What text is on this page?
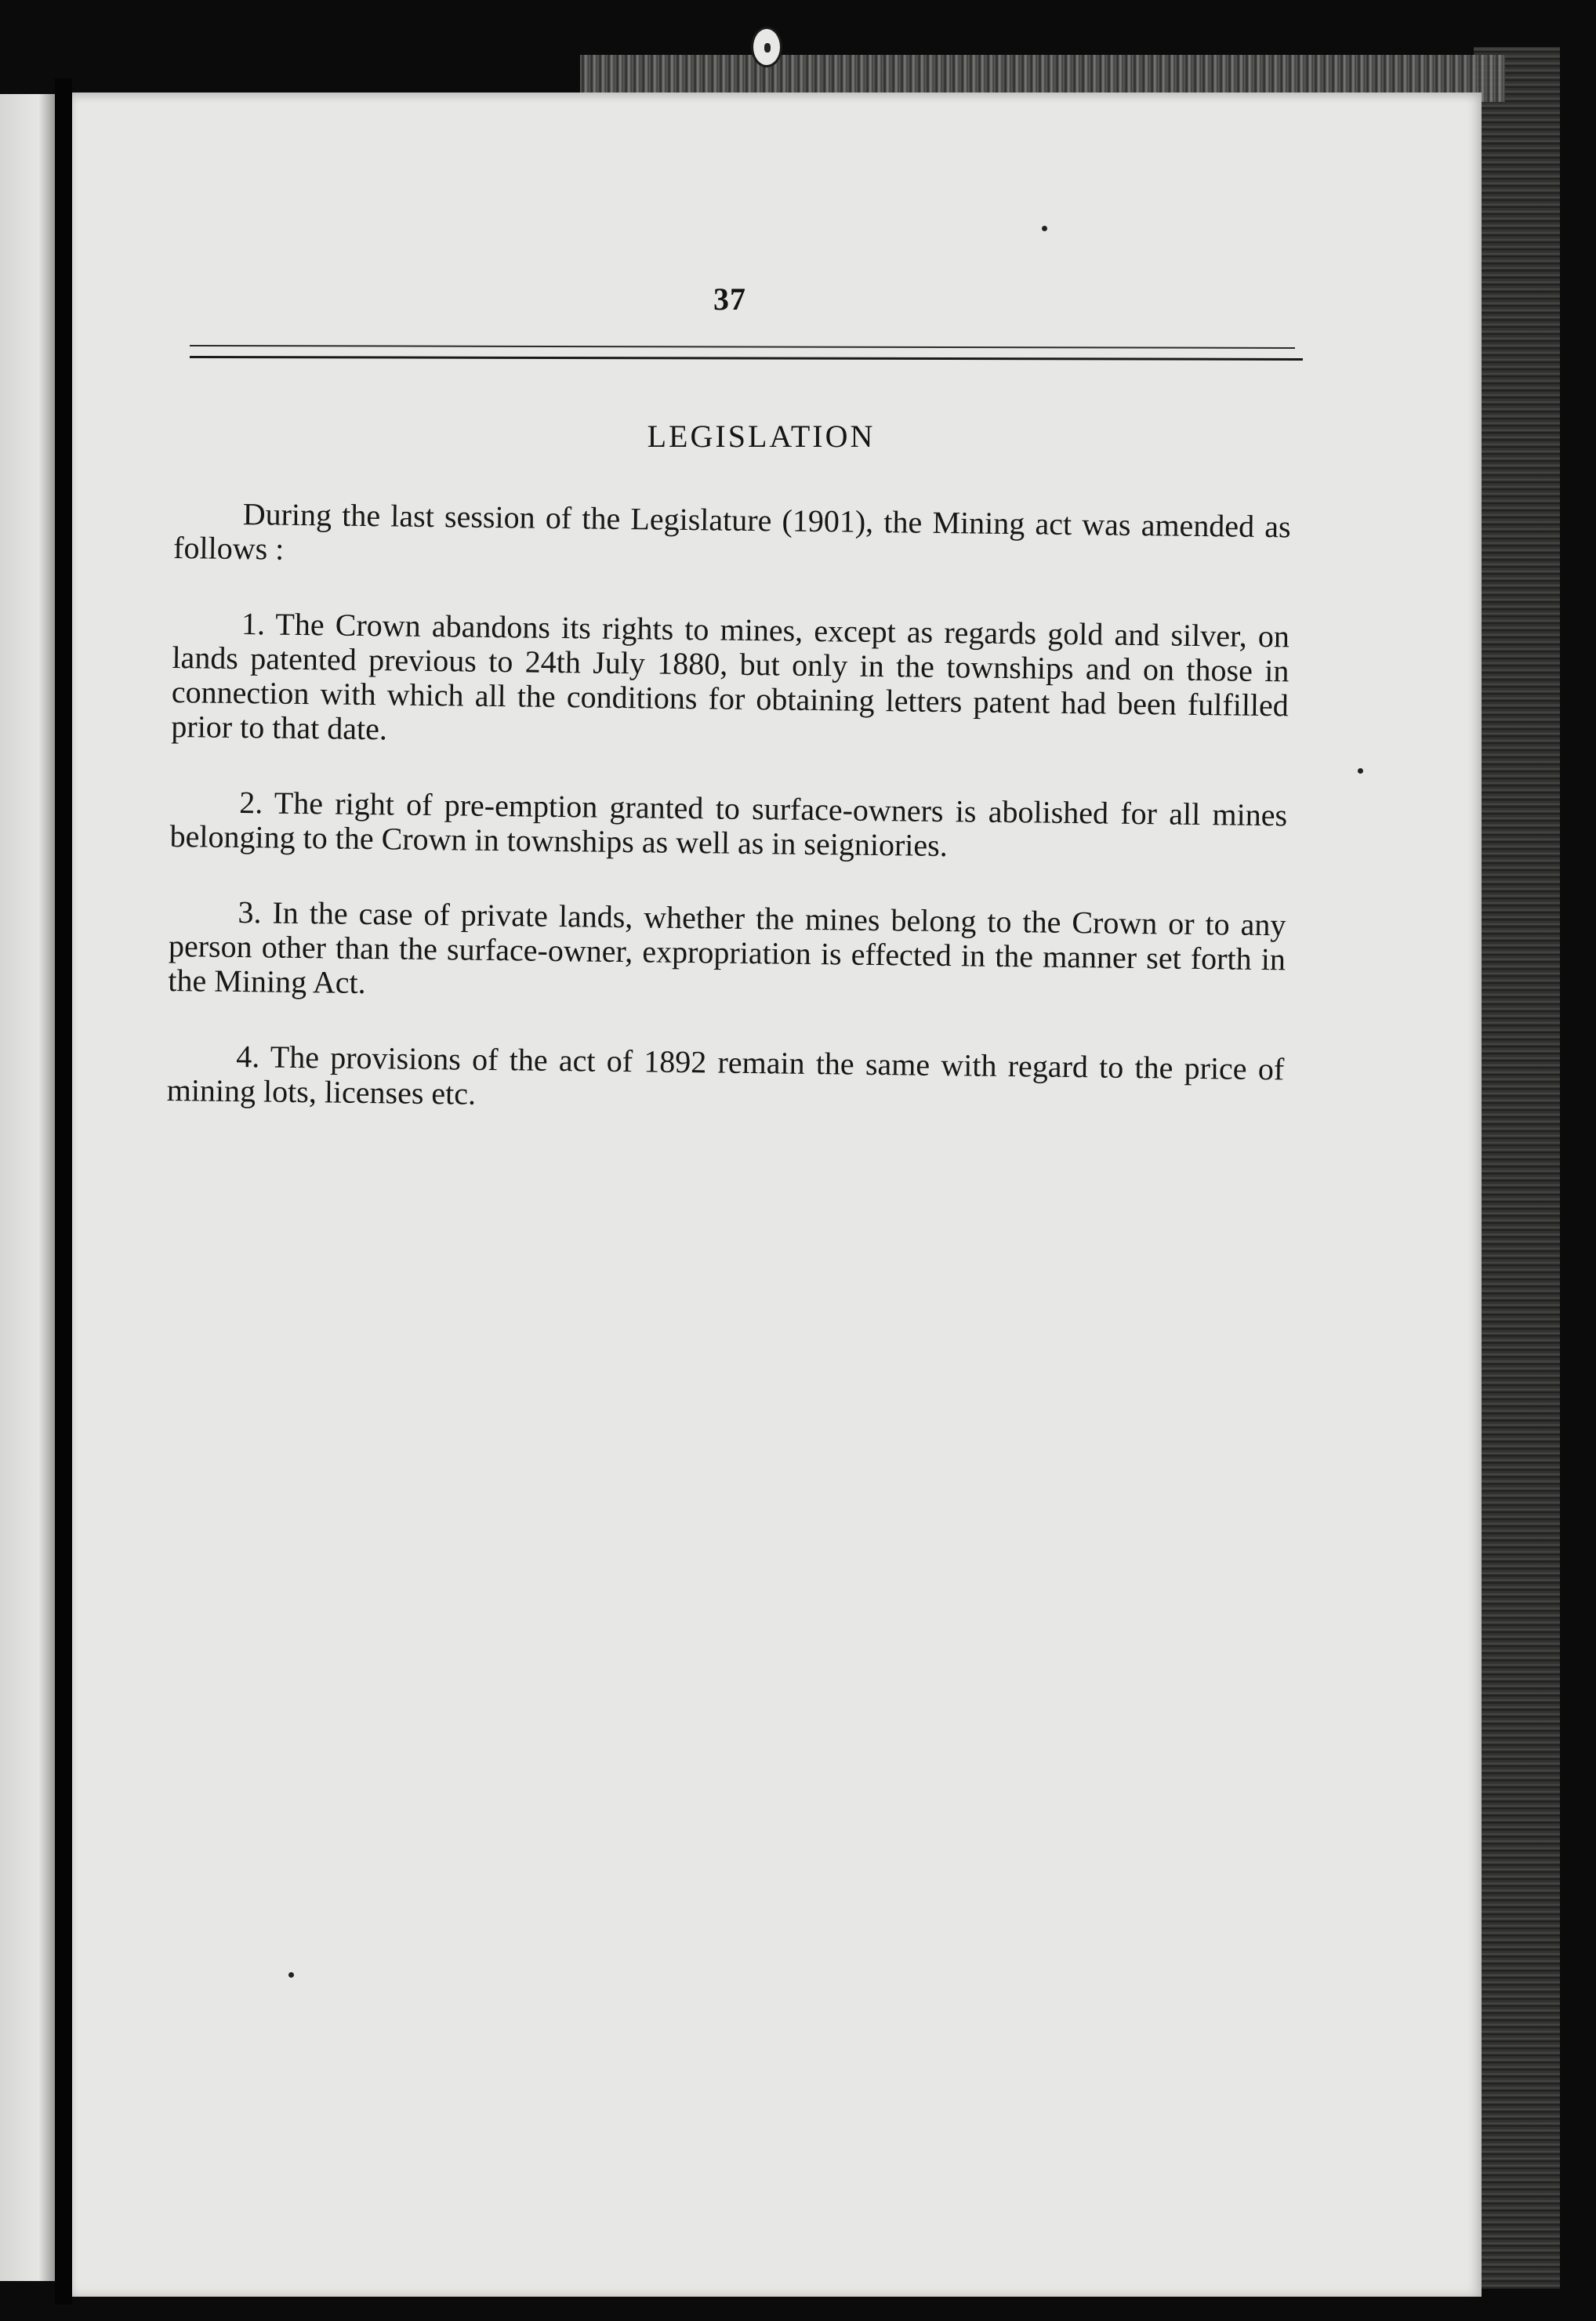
37
LEGISLATION

During the last session of the Legislature (1901), the Mining act was amended as follows :

1. The Crown abandons its rights to mines, except as regards gold and silver, on lands patented previous to 24th July 1880, but only in the townships and on those in connection with which all the conditions for obtaining letters patent had been fulfilled prior to that date.

2. The right of pre-emption granted to surface-owners is abolished for all mines belonging to the Crown in townships as well as in seigniories.

3. In the case of private lands, whether the mines belong to the Crown or to any person other than the surface-owner, expropriation is effected in the manner set forth in the Mining Act.

4. The provisions of the act of 1892 remain the same with regard to the price of mining lots, licenses etc.
